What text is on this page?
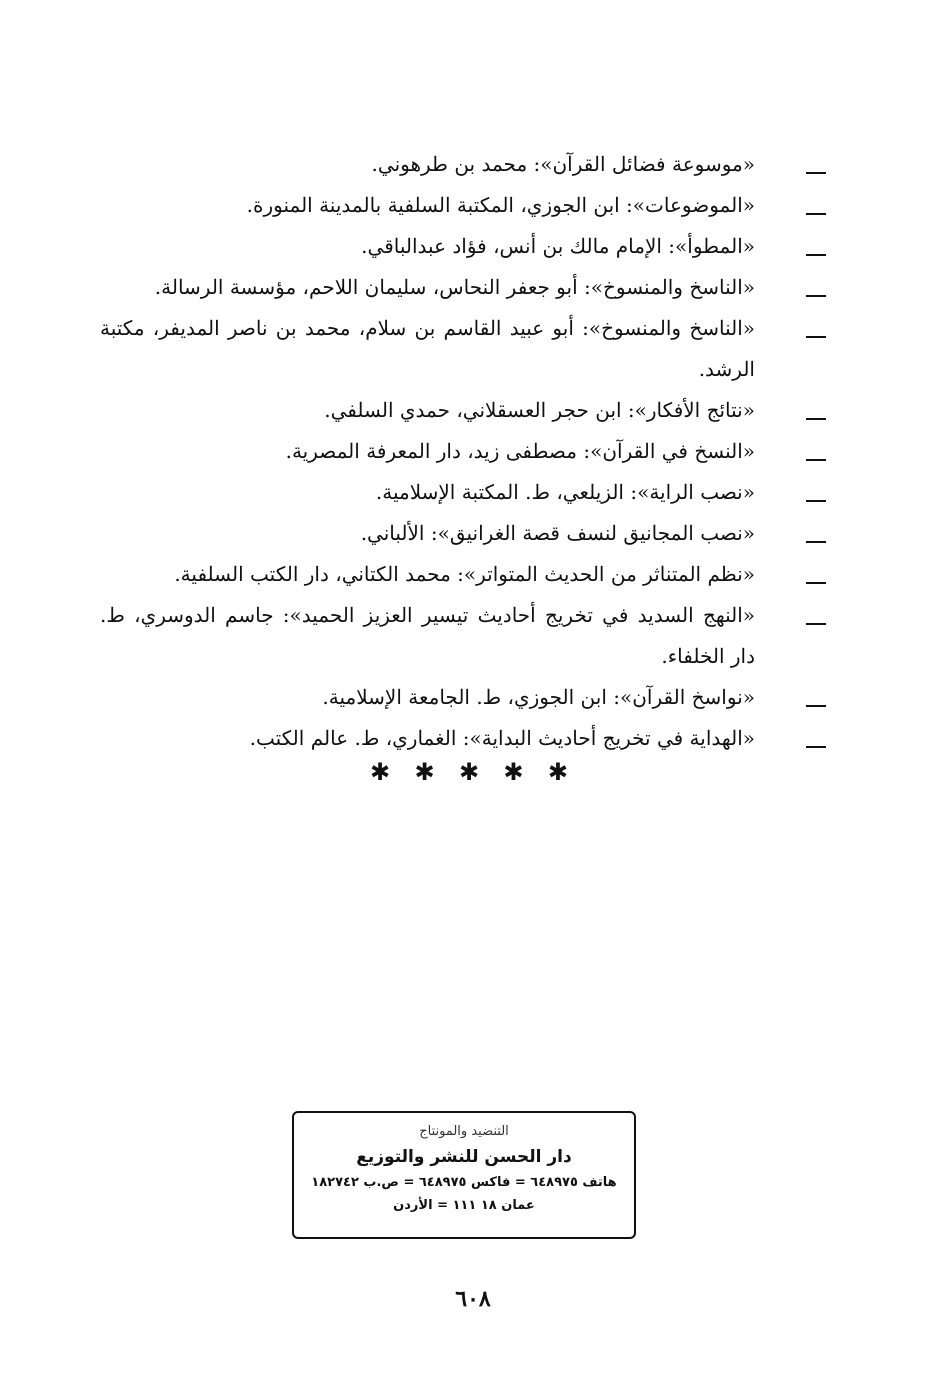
«موسوعة فضائل القرآن»: محمد بن طرهوني.
«الموضوعات»: ابن الجوزي، المكتبة السلفية بالمدينة المنورة.
«المطوأ»: الإمام مالك بن أنس، فؤاد عبدالباقي.
«الناسخ والمنسوخ»: أبو جعفر النحاس، سليمان اللاحم، مؤسسة الرسالة.
«الناسخ والمنسوخ»: أبو عبيد القاسم بن سلام، محمد بن ناصر المديفر، مكتبة الرشد.
«نتائج الأفكار»: ابن حجر العسقلاني، حمدي السلفي.
«النسخ في القرآن»: مصطفى زيد، دار المعرفة المصرية.
«نصب الراية»: الزيلعي، ط. المكتبة الإسلامية.
«نصب المجانيق لنسف قصة الغرانيق»: الألباني.
«نظم المتناثر من الحديث المتواتر»: محمد الكتاني، دار الكتب السلفية.
«النهج السديد في تخريج أحاديث تيسير العزيز الحميد»: جاسم الدوسري، ط. دار الخلفاء.
«نواسخ القرآن»: ابن الجوزي، ط. الجامعة الإسلامية.
«الهداية في تخريج أحاديث البداية»: الغماري، ط. عالم الكتب.
✱ ✱ ✱ ✱ ✱
التنضيد والمونتاج
دار الحسن للنشر والتوزيع
هاتف ٦٤٨٩٧٥ = فاكس ٦٤٨٩٧٥ = ص.ب ١٨٢٧٤٢
عمان ١٨ ١١١ = الأردن
٦٠٨
